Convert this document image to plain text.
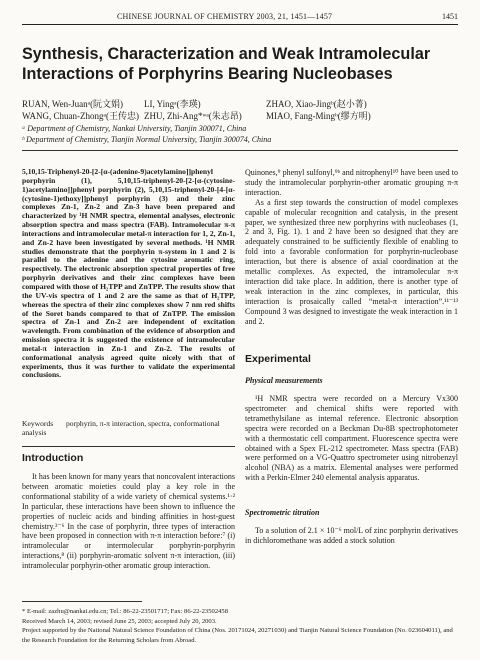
CHINESE JOURNAL OF CHEMISTRY 2003, 21, 1451—1457	1451
Synthesis, Characterization and Weak Intramolecular Interactions of Porphyrins Bearing Nucleobases
RUAN, Wen-Juanᵃ(阮文娟) LI, Yingᵃ(李瑛)	ZHAO, Xiao-Jingᵇ(赵小菁)
WANG, Chuan-Zhongᵃ(王传忠) ZHU, Zhi-Ang*ʷᵃ(朱志昂)	MIAO, Fang-Mingᵇ(缪方明)
ᵃ Department of Chemistry, Nankai University, Tianjin 300071, China
ᵇ Department of Chemistry, Tianjin Normal University, Tianjin 300074, China

5,10,15-Triphenyl-20-[2-[α-(adenine-9)acetylamino]]phenyl porphyrin (1), 5,10,15-triphenyl-20-[2-[α-(cytosine-1)acetylamino]]phenyl porphyrin (2), 5,10,15-triphenyl-20-[4-[α-(cytosine-1)ethoxy]]phenyl porphyrin (3) and their zinc complexes Zn-1, Zn-2 and Zn-3 have been prepared and characterized by ¹H NMR spectra, elemental analyses, electronic absorption spectra and mass spectra (FAB). Intramolecular π-π interactions and intramolecular metal-π interaction for 1, 2, Zn-1, and Zn-2 have been investigated by several methods. ¹H NMR studies demonstrate that the porphyrin π-system in 1 and 2 is parallel to the adenine and the cytosine aromatic ring, respectively. The electronic absorption spectral properties of free porphyrin derivatives and their zinc complexes have been compared with those of H₂TPP and ZnTPP. The results show that the UV-vis spectra of 1 and 2 are the same as that of H₂TPP, whereas the spectra of their zinc complexes show 7 nm red shifts of the Soret bands compared to that of ZnTPP. The emission spectra of Zn-1 and Zn-2 are independent of excitation wavelength. From combination of the evidence of absorption and emission spectra it is suggested the existence of intramolecular metal-π interaction in Zn-1 and Zn-2. The results of conformational analysis agreed quite nicely with that of experiments, thus it was further to validate the experimental conclusions.

Keywords porphyrin, π-π interaction, spectra, conformational analysis
Introduction

It has been known for many years that noncovalent interactions between aromatic moieties could play a key role in the conformational stability of a wide variety of chemical systems.¹·² In particular, these interactions have been shown to influence the properties of nucleic acids and binding affinities in host-guest chemistry.³⁻⁶ In the case of porphyrin, three types of interaction have been proposed in connection with π-π interaction before:⁷ (i) intramolecular or intermolecular porphyrin-porphyrin interactions,⁸ (ii) porphyrin-aromatic solvent π-π interaction, (iii) intramolecular porphyrin-other aromatic group interaction.

Quinones,⁹ phenyl sulfonyl,⁹ᵇ and nitrophenyl¹⁰ have been used to study the intramolecular porphyrin-other aromatic grouping π-π interaction.

As a first step towards the construction of model complexes capable of molecular recognition and catalysis, in the present paper, we synthesized three new porphyrins with nucleobases (1, 2 and 3, Fig. 1). 1 and 2 have been so designed that they are adequately constrained to be sufficiently flexible of enabling to fold into a favorable conformation for porphyrin-nucleobase interaction, but there is absence of axial coordination at the metallic complexes. As expected, the intramolecular π-π interaction did take place. In addition, there is another type of weak interaction in the zinc complexes, in particular, this interaction is prosaically called “metal-π interaction”.¹¹⁻¹³ Compound 3 was designed to investigate the weak interaction in 1 and 2.

Experimental
Physical measurements

¹H NMR spectra were recorded on a Mercury Vx300 spectrometer and chemical shifts were reported with tetramethylsilane as internal reference. Electronic absorption spectra were recorded on a Beckman Du-8B spectrophotometer with a thermostatic cell compartment. Fluorescence spectra were obtained with a Spex FL-212 spectrometer. Mass spectra (FAB) were performed on a VG-Quattro spectrometer using nitrobenzyl alcohol (NBA) as a matrix. Elemental analyses were performed with a Perkin-Elmer 240 elemental analysis apparatus.

Spectrometric titration

To a solution of 2.1 × 10⁻⁶ mol/L of zinc porphyrin derivatives in dichloromethane was added a stock solution

* E-mail: zazhu@nankai.edu.cn; Tel.: 86-22-23501717; Fax: 86-22-23502458
Received March 14, 2003; revised June 25, 2003; accepted July 20, 2003.
Project supported by the National Natural Science Foundation of China (Nos. 20171024, 20271030) and Tianjin Natural Science Foundation (No. 023604011), and the Research Foundation for the Returning Scholars from Abroad.
